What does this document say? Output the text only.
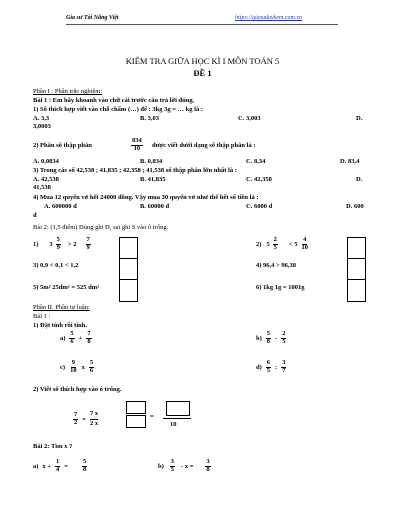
Gia sư Tài Năng Việt	https://giasudaykem.com.vn
KIỂM TRA GIỮA HỌC KÌ I MÔN TOÁN 5
ĐỀ 1
Phần I : Phần trắc nghiệm:
Bài 1 : Em hãy khoanh vào chữ cái trước câu trả lời đúng.
1) Số thích hợp viết vào chỗ chấm (…) để : 3kg 3g = … kg là :
A. 3,3	B. 3,03	C. 3,003	D.
3,0003
2) Phân số thập phân	$\frac{834}{10}$ được viết dưới dạng số thập phân là :
A. 0,0834	B. 0,834	C. 8,34	D. 83,4
3) Trong các số 42,538 ; 41,835 ; 42,358 ; 41,538 số thập phân lớn nhất là :
A. 42,538	B. 41,835	C. 42,358	D.
41,538
4) Mua 12 quyển vở hết 24000 đồng. Vậy mua 30 quyển vở như thế hết số tiền là :
A. 600000 đ	B. 60000 đ	C. 6000 đ	D. 600
đ
Bài 2: (1,5 điểm) Đúng ghi Đ, sai ghi S vào ô trống.
1) $3 \frac{5}{9} > 2 \frac{7}{9}$	2) $5 \frac{2}{5} < 5 \frac{4}{10}$
3) 0,9 < 0,1 < 1,2	4) 96,4 > 96,38
5) 5m² 25dm² = 525 dm²	6) 1kg 1g = 1001g
Phần II. Phần tự luận:
Bài 1 :
1) Đặt tính rồi tính.
$a) \frac{5}{6} + \frac{7}{8}$	$b) \frac{5}{8} - \frac{2}{5}$
$c) \frac{9}{10}$ x $\frac{5}{6}$	$d) \frac{6}{5}$ : $\frac{3}{7}$
2) Viết số thích hợp vào ô trống.
$\frac{7}{2} = \frac{7 x}{2 x}$	=
10
Bài 2: Tìm x ?
a) $x + \frac{1}{4} = \frac{5}{8}$	$b) \frac{3}{5} - x = \frac{3}{8}$
